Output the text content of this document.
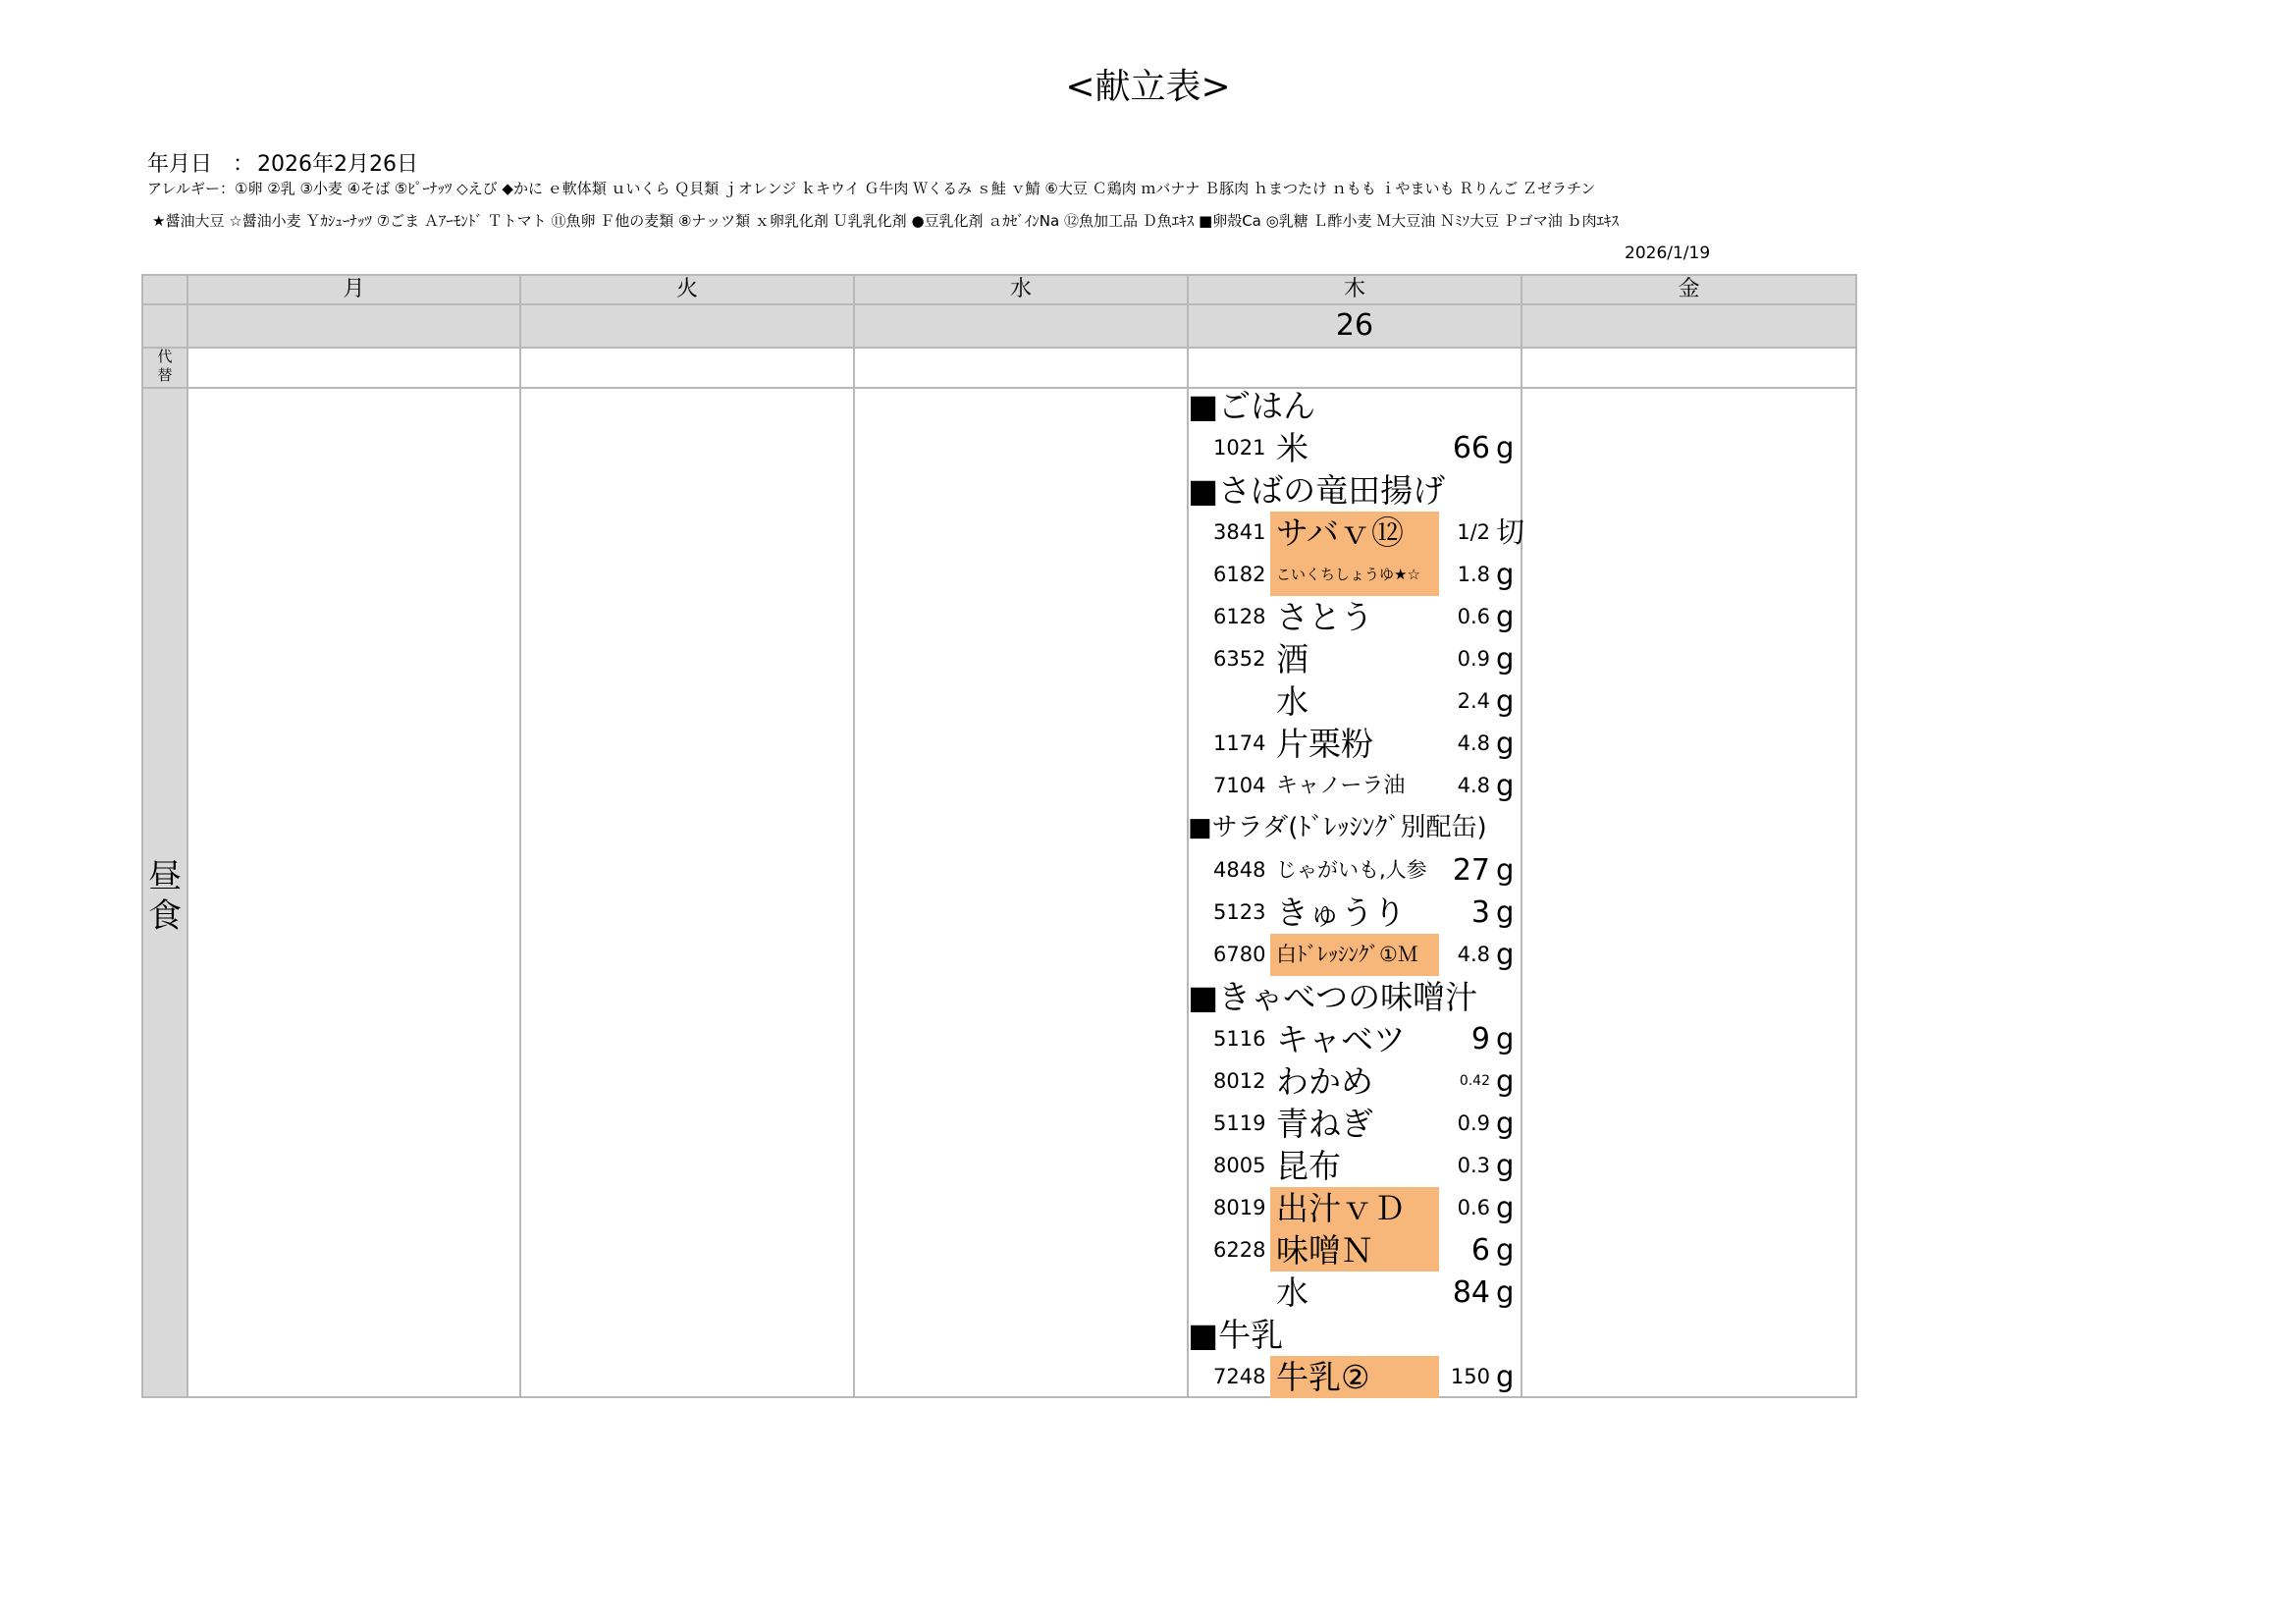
<献立表>
年月日 ： 2026年2月26日
アレルギー：①卵 ②乳 ③小麦 ④そば ⑤ﾋﾟｰﾅｯﾂ ◇えび ◆かに ｅ軟体類 ｕいくら Ｑ貝類 ｊオレンジ ｋキウイ Ｇ牛肉 Ｗくるみ ｓ鮭 ｖ鯖 ⑥大豆 Ｃ鶏肉 ｍバナナ Ｂ豚肉 ｈまつたけ ｎもも ｉやまいも Ｒりんご Ｚゼラチン
★醤油大豆 ☆醤油小麦 Ｙｶｼｭｰﾅｯﾂ ⑦ごま Ａｱｰﾓﾝﾄﾞ Ｔトマト ⑪魚卵 Ｆ他の麦類 ⑧ナッツ類 ｘ卵乳化剤 Ｕ乳乳化剤 ●豆乳化剤 ａｶｾﾞｲﾝNa ⑫魚加工品 Ｄ魚ｴｷｽ ■卵殻Ca ◎乳糖 Ｌ酢小麦 Ｍ大豆油 Ｎﾐｿ大豆 Ｐゴマ油 ｂ肉ｴｷｽ
2026/1/19
月	火	水	木	金
26
代
替
昼
食
■ごはん
1021 米	66 g
■さばの竜田揚げ
3841 サバｖ⑫	1/2 切
6182 こいくちしょうゆ★☆	1.8 g
6128 さとう	0.6 g
6352 酒	0.9 g
水	2.4 g
1174 片栗粉	4.8 g
7104 キャノーラ油	4.8 g
■サラダ(ﾄﾞﾚｯｼﾝｸﾞ別配缶)
4848 じゃがいも,人参 27 g
5123 きゅうり	3 g
6780 白ﾄﾞﾚｯｼﾝｸﾞ①Ｍ	4.8 g
■きゃべつの味噌汁
5116 キャベツ	9 g
8012 わかめ	0.42 g
5119 青ねぎ	0.9 g
8005 昆布	0.3 g
8019 出汁ｖＤ	0.6 g
6228 味噌Ｎ	6 g
水	84 g
■牛乳
7248 牛乳②	150 g
